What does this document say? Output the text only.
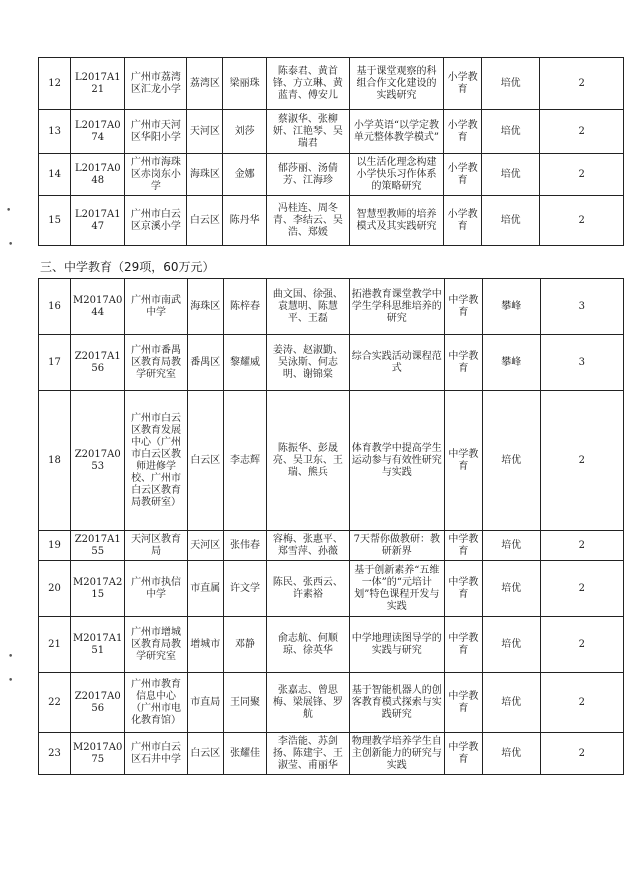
12	L2017A121	广州市荔湾区汇龙小学	荔湾区	梁丽珠	陈泰君、黄首锋、方立琳、黄蓝青、傅安儿	基于课堂观察的科组合作文化建设的实践研究	小学教育	培优	2
13	L2017A074	广州市天河区华阳小学	天河区	刘莎	蔡淑华、张柳妍、江艳琴、吴瑞君	小学英语“以学定教单元整体教学模式”	小学教育	培优	2
14	L2017A048	广州市海珠区赤岗东小学	海珠区	金娜	郁莎丽、汤倩芳、江海珍	以生活化理念构建小学快乐习作体系的策略研究	小学教育	培优	2
15	L2017A147	广州市白云区京溪小学	白云区	陈丹华	冯桂连、周冬青、李结云、吴浩、郑媛	智慧型教师的培养模式及其实践研究	小学教育	培优	2
三、中学教育（29项，60万元）
16	M2017A044	广州市南武中学	海珠区	陈梓春	曲文国、徐强、袁慧明、陈慧平、王磊	拓港教育课堂教学中学生学科思维培养的研究	中学教育	攀峰	3
17	Z2017A156	广州市番禺区教育局教学研究室	番禺区	黎耀威	姜涛、赵淑勤、吴泳斯、何志明、谢锦棠	综合实践活动课程范式	中学教育	攀峰	3
18	Z2017A053	广州市白云区教育发展中心（广州市白云区教师进修学校、广州市白云区教育局教研室）	白云区	李志辉	陈振华、彭晟亮、吴卫东、王瑞、熊兵	体育教学中提高学生运动参与有效性研究与实践	中学教育	培优	2
19	Z2017A155	天河区教育局	天河区	张伟春	容梅、张惠平、郑雪萍、孙薇	7天帮你做教研：教研新界	中学教育	培优	2
20	M2017A215	广州市执信中学	市直属	许文学	陈民、张西云、许素裕	基于创新素养“五维一体”的“元培计划”特色课程开发与实践	中学教育	培优	2
21	M2017A151	广州市增城区教育局教学研究室	增城市	邓静	俞志航、何顺琼、徐英华	中学地理读图导学的实践与研究	中学教育	培优	2
22	Z2017A056	广州市教育信息中心（广州市电化教育馆）	市直局	王同聚	张嘉志、曾思梅、梁展锋、罗航	基于智能机器人的创客教育模式探索与实践研究	中学教育	培优	2
23	M2017A075	广州市白云区石井中学	白云区	张耀佳	李浩能、苏剑扬、陈建宇、王淑莹、甫丽华	物理教学培养学生自主创新能力的研究与实践	中学教育	培优	2
•
•
•
•
